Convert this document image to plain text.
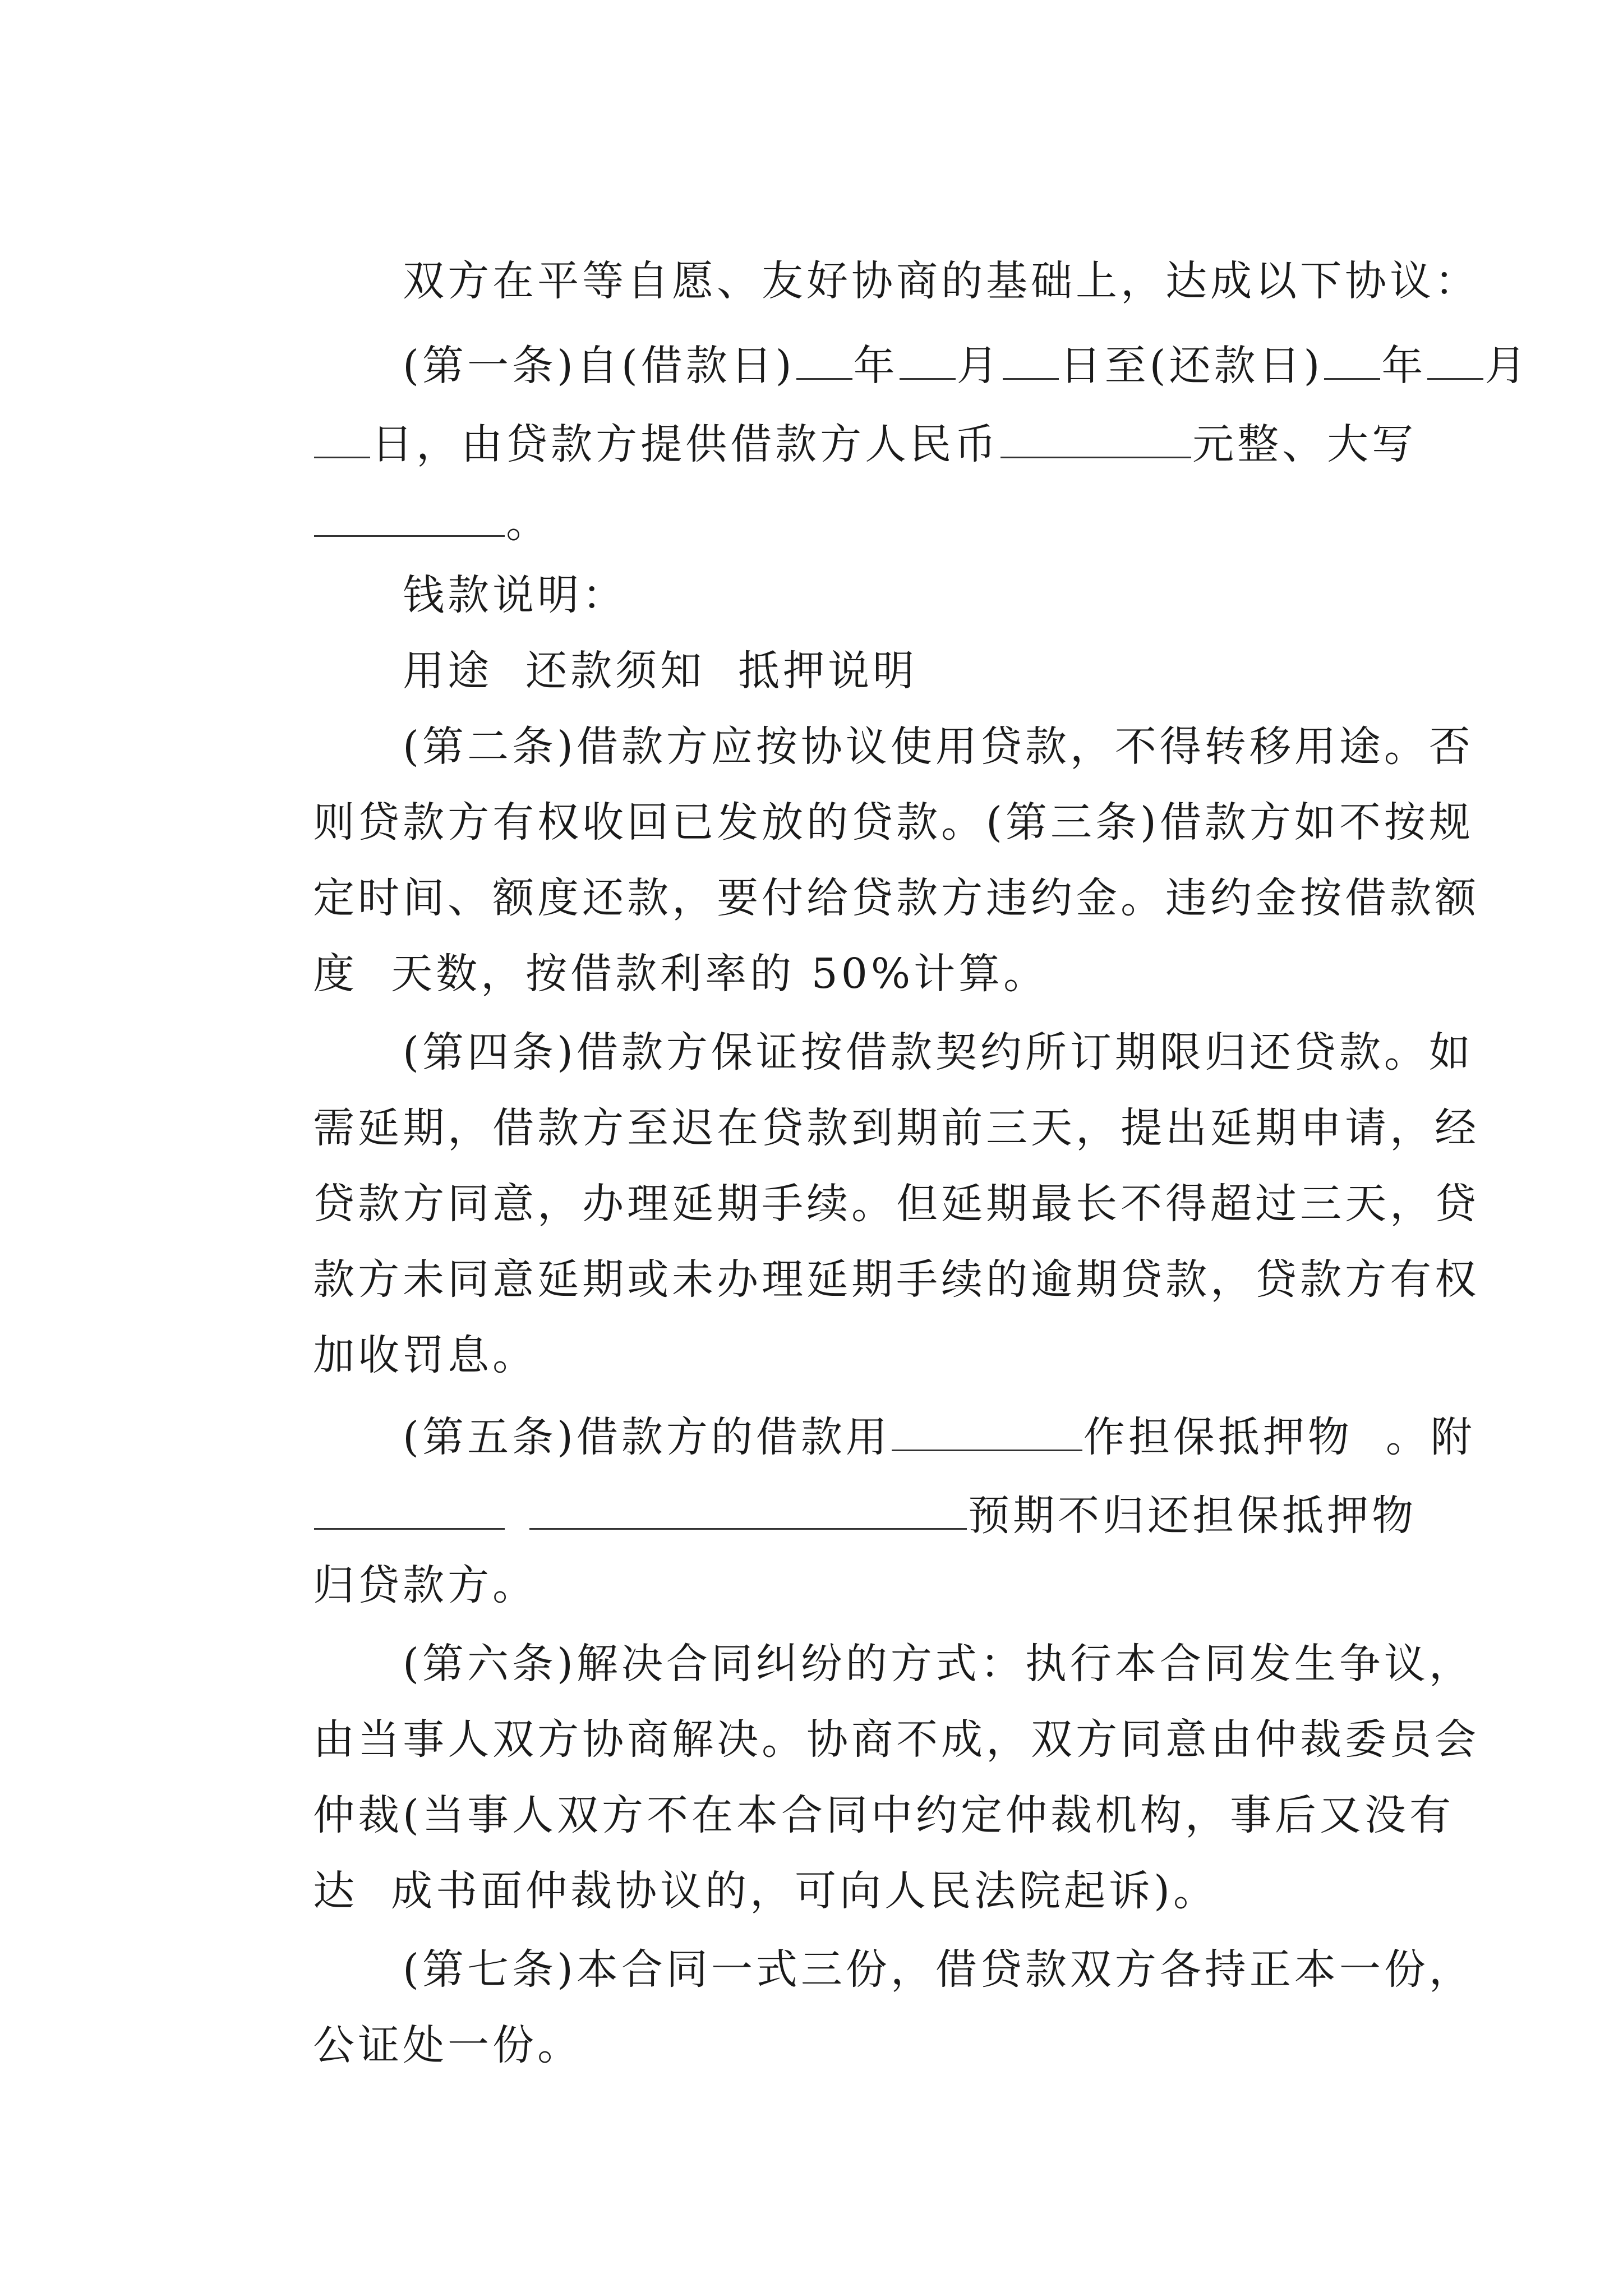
双方在平等自愿、友好协商的基础上，达成以下协议：

(第一条)自(借款日) 年 月 日至(还款日) 年 月

日，由贷款方提供借款方人民币	元整、大写

。

钱款说明：

用途  还款须知  抵押说明

(第二条)借款方应按协议使用贷款，不得转移用途。否

则贷款方有权收回已发放的贷款。(第三条)借款方如不按规

定时间、额度还款，要付给贷款方违约金。违约金按借款额

度  天数，按借款利率的 50%计算。

(第四条)借款方保证按借款契约所订期限归还贷款。如

需延期，借款方至迟在贷款到期前三天，提出延期申请，经

贷款方同意，办理延期手续。但延期最长不得超过三天，贷

款方未同意延期或未办理延期手续的逾期贷款，贷款方有权

加收罚息。

(第五条)借款方的借款用	作担保抵押物  。附

预期不归还担保抵押物

归贷款方。

(第六条)解决合同纠纷的方式：执行本合同发生争议，

由当事人双方协商解决。协商不成，双方同意由仲裁委员会

仲裁(当事人双方不在本合同中约定仲裁机构，事后又没有

达  成书面仲裁协议的，可向人民法院起诉)。

(第七条)本合同一式三份，借贷款双方各持正本一份，

公证处一份。
